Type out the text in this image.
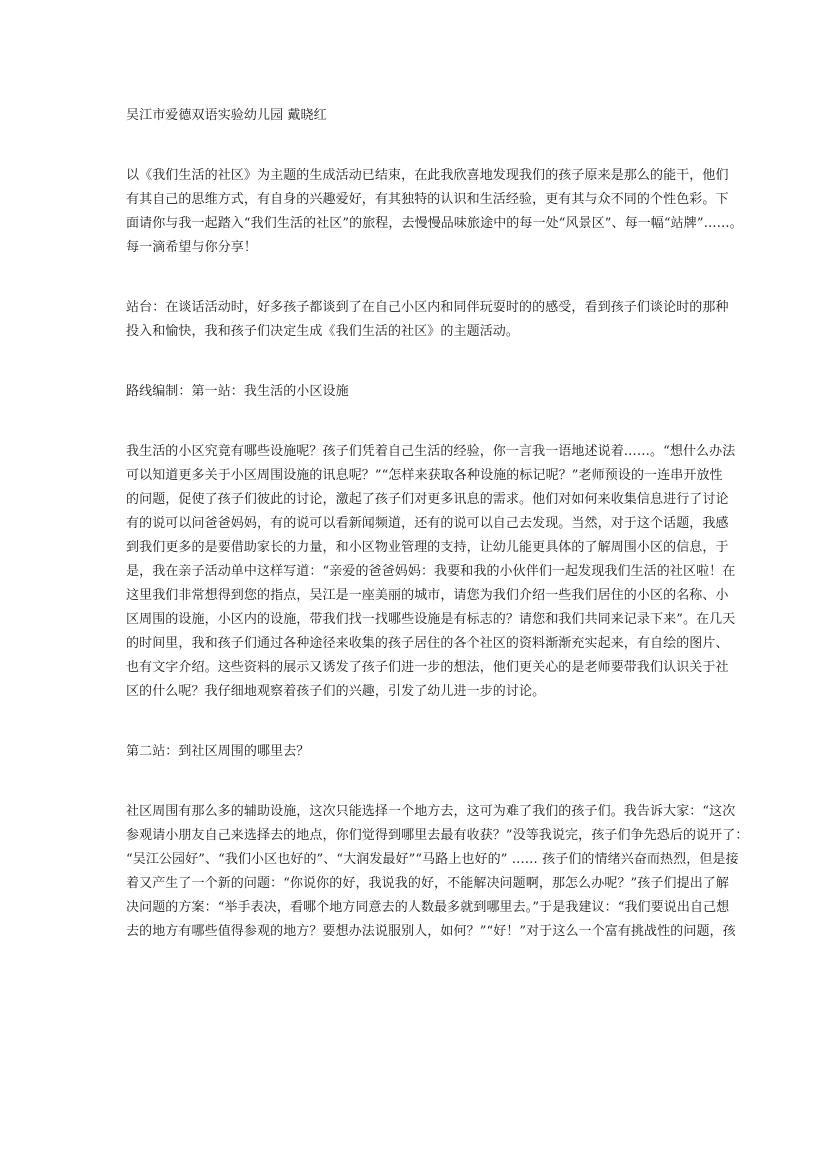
吴江市爱德双语实验幼儿园 戴晓红

以《我们生活的社区》为主题的生成活动已结束，在此我欣喜地发现我们的孩子原来是那么的能干，他们

有其自己的思维方式，有自身的兴趣爱好，有其独特的认识和生活经验，更有其与众不同的个性色彩。下

面请你与我一起踏入“我们生活的社区”的旅程，去慢慢品味旅途中的每一处“风景区”、每一幅“站牌”……。

每一滴希望与你分享！

站台：在谈话活动时，好多孩子都谈到了在自己小区内和同伴玩耍时的的感受，看到孩子们谈论时的那种

投入和愉快，我和孩子们决定生成《我们生活的社区》的主题活动。

路线编制：第一站：我生活的小区设施

我生活的小区究竟有哪些设施呢？孩子们凭着自己生活的经验，你一言我一语地述说着……。“想什么办法

可以知道更多关于小区周围设施的讯息呢？”“怎样来获取各种设施的标记呢？”老师预设的一连串开放性

的问题，促使了孩子们彼此的讨论，激起了孩子们对更多讯息的需求。他们对如何来收集信息进行了讨论

有的说可以问爸爸妈妈，有的说可以看新闻频道，还有的说可以自己去发现。当然，对于这个话题，我感

到我们更多的是要借助家长的力量，和小区物业管理的支持，让幼儿能更具体的了解周围小区的信息，于

是，我在亲子活动单中这样写道：“亲爱的爸爸妈妈：我要和我的小伙伴们一起发现我们生活的社区啦！在

这里我们非常想得到您的指点，吴江是一座美丽的城市，请您为我们介绍一些我们居住的小区的名称、小

区周围的设施，小区内的设施，带我们找一找哪些设施是有标志的？请您和我们共同来记录下来”。在几天

的时间里，我和孩子们通过各种途径来收集的孩子居住的各个社区的资料渐渐充实起来，有自绘的图片、

也有文字介绍。这些资料的展示又诱发了孩子们进一步的想法，他们更关心的是老师要带我们认识关于社

区的什么呢？我仔细地观察着孩子们的兴趣，引发了幼儿进一步的讨论。

第二站：到社区周围的哪里去？

社区周围有那么多的辅助设施，这次只能选择一个地方去，这可为难了我们的孩子们。我告诉大家：“这次

参观请小朋友自己来选择去的地点，你们觉得到哪里去最有收获？”没等我说完，孩子们争先恐后的说开了：

“吴江公园好”、“我们小区也好的”、“大润发最好”“马路上也好的” …… 孩子们的情绪兴奋而热烈，但是接

着又产生了一个新的问题：“你说你的好，我说我的好，不能解决问题啊，那怎么办呢？”孩子们提出了解

决问题的方案：“举手表决，看哪个地方同意去的人数最多就到哪里去。”于是我建议：“我们要说出自己想

去的地方有哪些值得参观的地方？要想办法说服别人，如何？”“好！”对于这么一个富有挑战性的问题，孩
